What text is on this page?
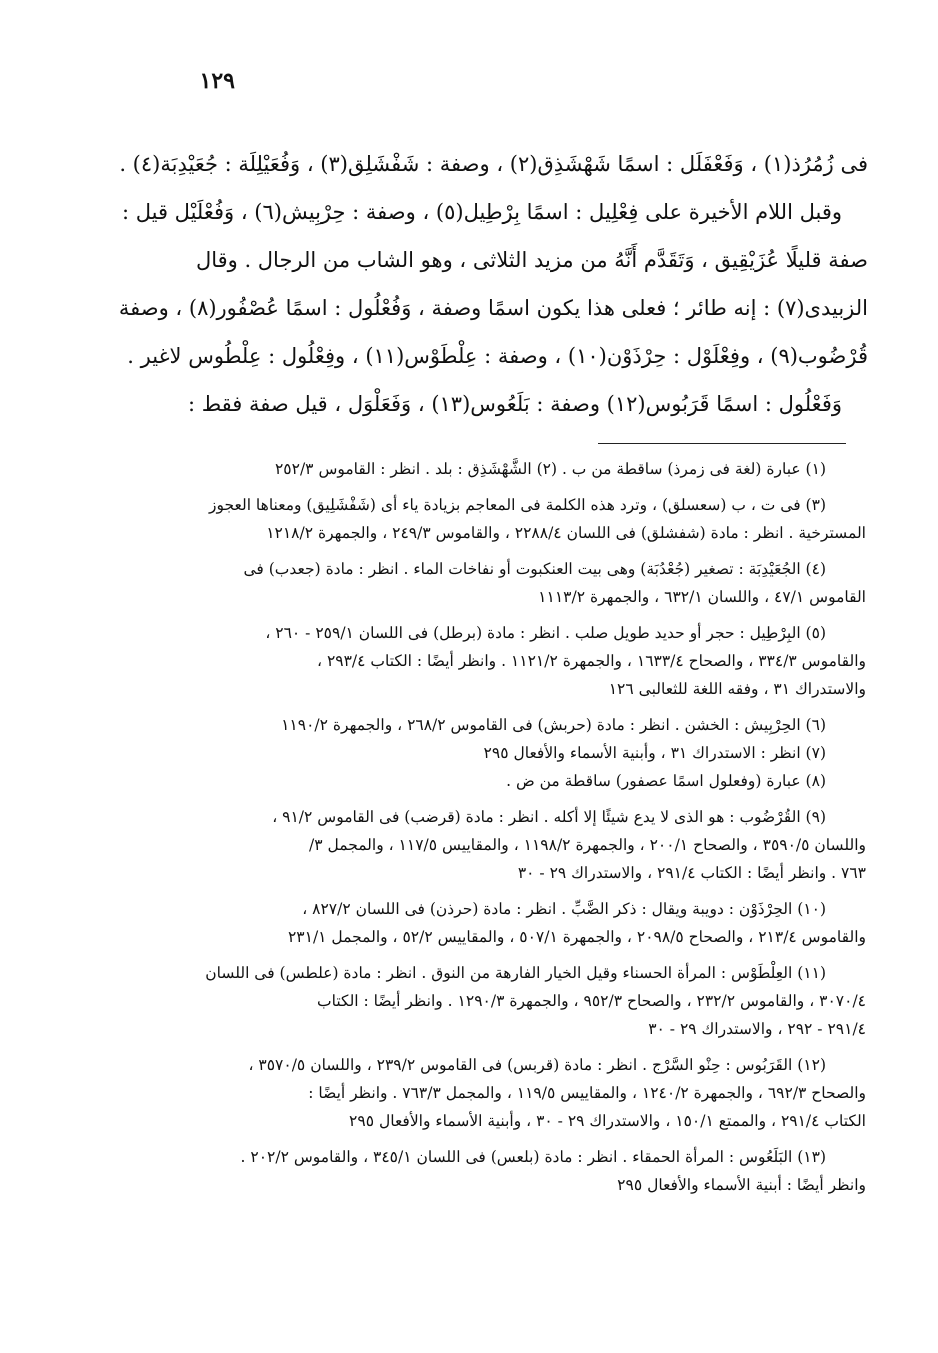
١٢٩
فى زُمُرُذ(١) ، وَفَعْفَلَل : اسمًا شَهْشَذِق(٢) ، وصفة : شَفْشَلِق(٣) ، وَفُعَيْلِلَة : جُعَيْدِبَة(٤) .
وقبل اللام الأخيرة على فِعْلِيل : اسمًا بِرْطِيل(٥) ، وصفة : حِرْبِيش(٦) ، وَفُعْلَيْل قيل :
صفة قليلًا عُزَيْقِيق ، وَتَقَدَّم أَنَّهُ من مزيد الثلاثى ، وهو الشاب من الرجال . وقال
الزبيدى(٧) : إنه طائر ؛ فعلى هذا يكون اسمًا وصفة ، وَفُعْلُول : اسمًا عُصْفُور(٨) ، وصفة
قُرْضُوب(٩) ، وفِعْلَوْل : حِرْذَوْن(١٠) ، وصفة : عِلْطَوْس(١١) ، وفِعْلُول : عِلْطُوس لاغير .
وَفَعْلُول : اسمًا قَرَبُوس(١٢) وصفة : بَلَعُوس(١٣) ، وَفَعَلْوَل ، قيل صفة فقط :
(١) عبارة (لغة فى زمرذ) ساقطة من ب . (٢) الشَّهْشَذِق : بلد . انظر : القاموس ٢٥٢/٣
(٣) فى ت ، ب (سعسلق) ، وترد هذه الكلمة فى المعاجم بزيادة ياء أى (شَفْشَلِيق) ومعناها العجوز
المسترخية . انظر : مادة (شفشلق) فى اللسان ٢٢٨٨/٤ ، والقاموس ٢٤٩/٣ ، والجمهرة ١٢١٨/٢
(٤) الجُعَيْدِبَة : تصغير (جُعْدُبَة) وهى بيت العنكبوت أو نفاخات الماء . انظر : مادة (جعدب) فى
القاموس ٤٧/١ ، واللسان ٦٣٢/١ ، والجمهرة ١١١٣/٢
(٥) البِرْطِيل : حجر أو حديد طويل صلب . انظر : مادة (برطل) فى اللسان ٢٥٩/١ - ٢٦٠ ،
والقاموس ٣٣٤/٣ ، والصحاح ١٦٣٣/٤ ، والجمهرة ١١٢١/٢ . وانظر أيضًا : الكتاب ٢٩٣/٤ ،
والاستدراك ٣١ ، وفقه اللغة للثعالبى ١٢٦
(٦) الحِرْبِيش : الخشن . انظر : مادة (حربش) فى القاموس ٢٦٨/٢ ، والجمهرة ١١٩٠/٢
(٧) انظر : الاستدراك ٣١ ، وأبنية الأسماء والأفعال ٢٩٥
(٨) عبارة (وفعلول اسمًا عصفور) ساقطة من ض .
(٩) القُرْضُوب : هو الذى لا يدع شيئًا إلا أكله . انظر : مادة (قرضب) فى القاموس ٩١/٢ ،
واللسان ٣٥٩٠/٥ ، والصحاح ٢٠٠/١ ، والجمهرة ١١٩٨/٢ ، والمقاييس ١١٧/٥ ، والمجمل ٣/
٧٦٣ . وانظر أيضًا : الكتاب ٢٩١/٤ ، والاستدراك ٢٩ - ٣٠
(١٠) الحِرْذَوْن : دويبة ويقال : ذكر الضَّبِّ . انظر : مادة (حرذن) فى اللسان ٨٢٧/٢ ،
والقاموس ٢١٣/٤ ، والصحاح ٢٠٩٨/٥ ، والجمهرة ٥٠٧/١ ، والمقاييس ٥٢/٢ ، والمجمل ٢٣١/١
(١١) العِلْطَوْس : المرأة الحسناء وقيل الخيار الفارهة من النوق . انظر : مادة (علطس) فى اللسان
٣٠٧٠/٤ ، والقاموس ٢٣٢/٢ ، والصحاح ٩٥٢/٣ ، والجمهرة ١٢٩٠/٣ . وانظر أيضًا : الكتاب
٢٩١/٤ - ٢٩٢ ، والاستدراك ٢٩ - ٣٠
(١٢) القَرَبُوس : حِنْو السَّرْج . انظر : مادة (قربس) فى القاموس ٢٣٩/٢ ، واللسان ٣٥٧٠/٥ ،
والصحاح ٦٩٢/٣ ، والجمهرة ١٢٤٠/٢ ، والمقاييس ١١٩/٥ ، والمجمل ٧٦٣/٣ . وانظر أيضًا :
الكتاب ٢٩١/٤ ، والممتع ١٥٠/١ ، والاستدراك ٢٩ - ٣٠ ، وأبنية الأسماء والأفعال ٢٩٥
(١٣) البَلَعُوس : المرأة الحمقاء . انظر : مادة (بلعس) فى اللسان ٣٤٥/١ ، والقاموس ٢٠٢/٢ .
وانظر أيضًا : أبنية الأسماء والأفعال ٢٩٥
